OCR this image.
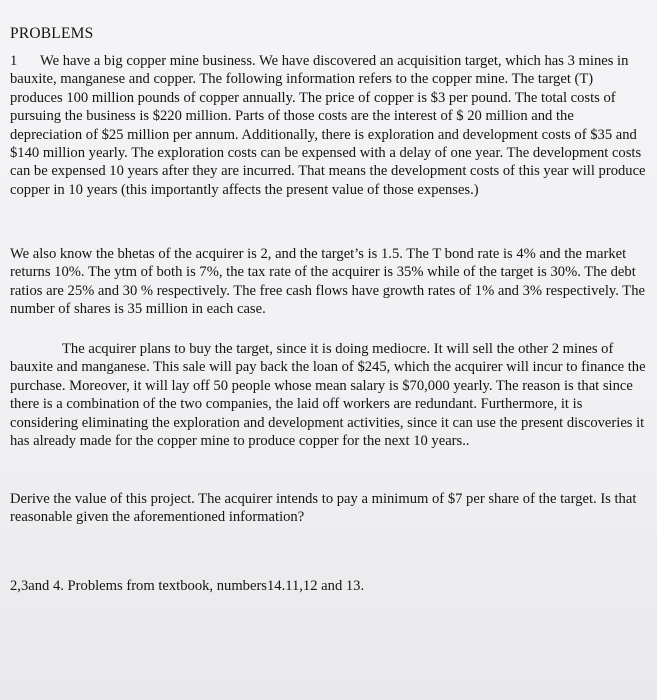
PROBLEMS

1 We have a big copper mine business. We have discovered an acquisition target, which has 3 mines in bauxite, manganese and copper. The following information refers to the copper mine. The target (T) produces 100 million pounds of copper annually. The price of copper is $3 per pound. The total costs of pursuing the business is $220 million. Parts of those costs are the interest of $ 20 million and the depreciation of $25 million per annum. Additionally, there is exploration and development costs of $35 and $140 million yearly. The exploration costs can be expensed with a delay of one year. The development costs can be expensed 10 years after they are incurred. That means the development costs of this year will produce copper in 10 years (this importantly affects the present value of those expenses.)

We also know the bhetas of the acquirer is 2, and the target’s is 1.5. The T bond rate is 4% and the market returns 10%. The ytm of both is 7%, the tax rate of the acquirer is 35% while of the target is 30%. The debt ratios are 25% and 30 % respectively. The free cash flows have growth rates of 1% and 3% respectively. The number of shares is 35 million in each case.

The acquirer plans to buy the target, since it is doing mediocre. It will sell the other 2 mines of bauxite and manganese. This sale will pay back the loan of $245, which the acquirer will incur to finance the purchase. Moreover, it will lay off 50 people whose mean salary is $70,000 yearly. The reason is that since there is a combination of the two companies, the laid off workers are redundant. Furthermore, it is considering eliminating the exploration and development activities, since it can use the present discoveries it has already made for the copper mine to produce copper for the next 10 years..

Derive the value of this project. The acquirer intends to pay a minimum of $7 per share of the target. Is that reasonable given the aforementioned information?

2,3and 4. Problems from textbook, numbers14.11,12 and 13.
